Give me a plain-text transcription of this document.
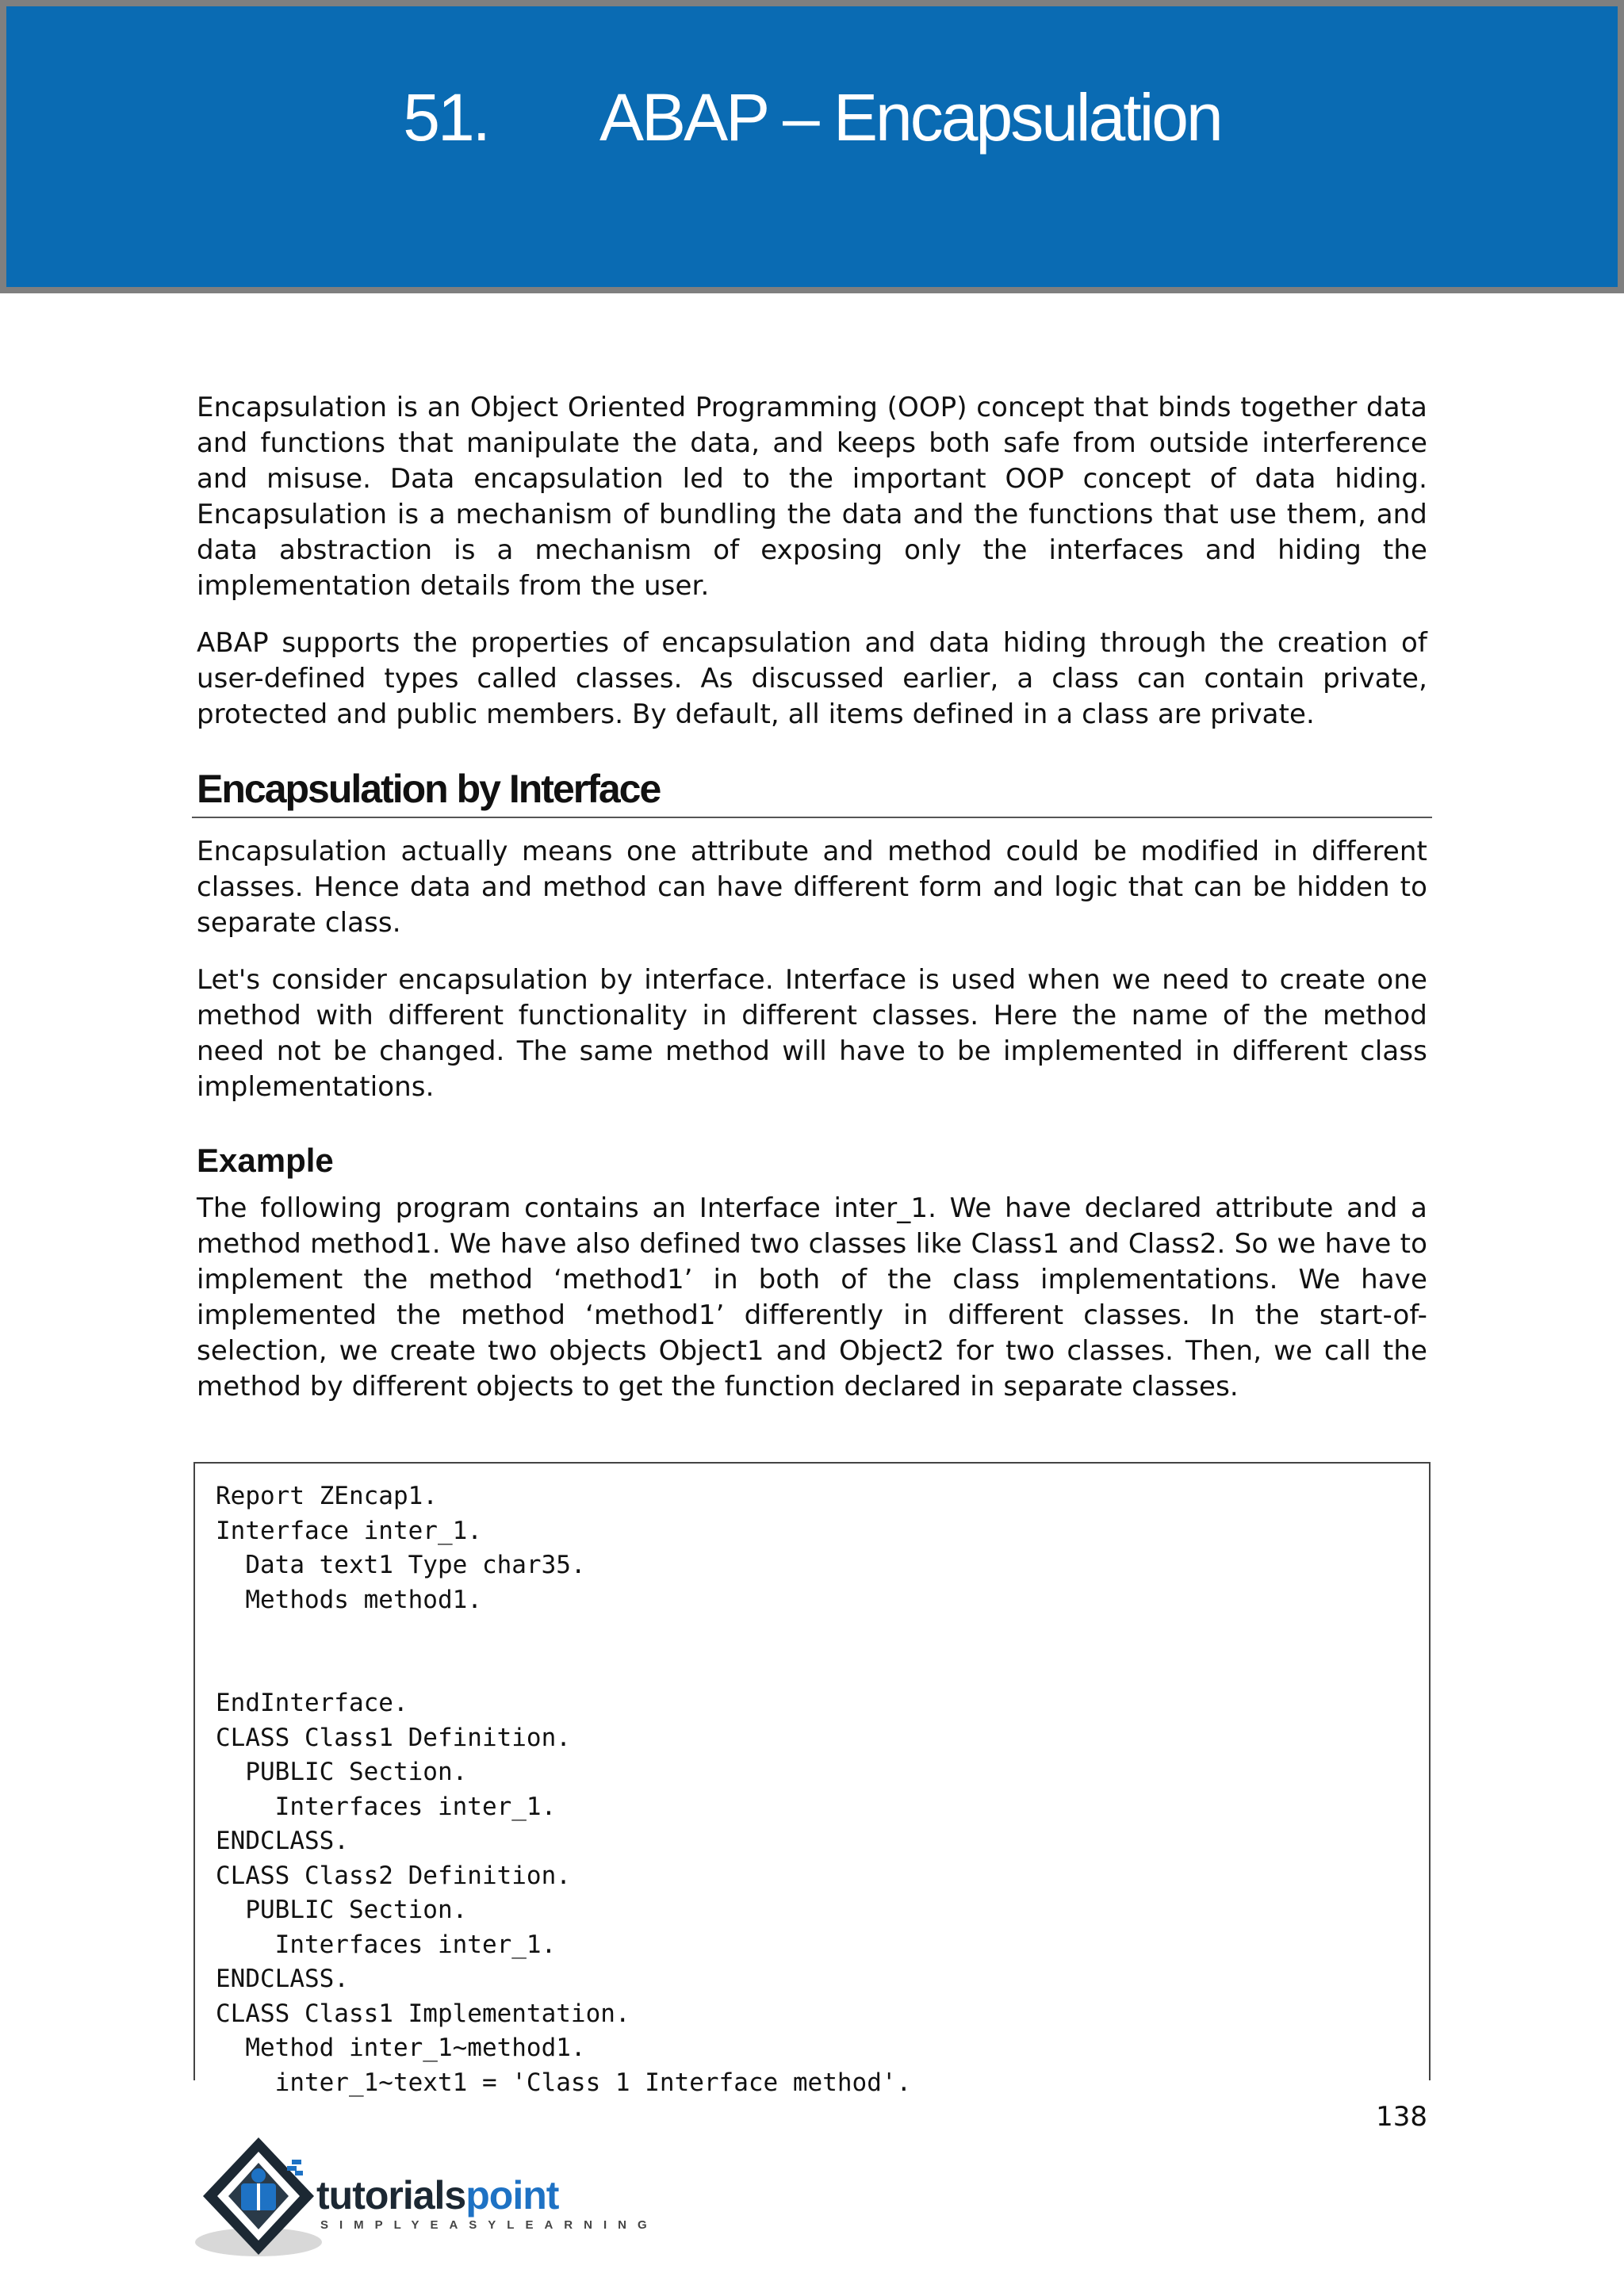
51. ABAP – Encapsulation

Encapsulation is an Object Oriented Programming (OOP) concept that binds together data and functions that manipulate the data, and keeps both safe from outside interference and misuse. Data encapsulation led to the important OOP concept of data hiding. Encapsulation is a mechanism of bundling the data and the functions that use them, and data abstraction is a mechanism of exposing only the interfaces and hiding the implementation details from the user.

ABAP supports the properties of encapsulation and data hiding through the creation of user-defined types called classes. As discussed earlier, a class can contain private, protected and public members. By default, all items defined in a class are private.

Encapsulation by Interface

Encapsulation actually means one attribute and method could be modified in different classes. Hence data and method can have different form and logic that can be hidden to separate class.

Let's consider encapsulation by interface. Interface is used when we need to create one method with different functionality in different classes. Here the name of the method need not be changed. The same method will have to be implemented in different class implementations.

Example

The following program contains an Interface inter_1. We have declared attribute and a method method1. We have also defined two classes like Class1 and Class2. So we have to implement the method ‘method1’ in both of the class implementations. We have implemented the method ‘method1’ differently in different classes. In the start-of-selection, we create two objects Object1 and Object2 for two classes. Then, we call the method by different objects to get the function declared in separate classes.

Report ZEncap1.
Interface inter_1.
Data text1 Type char35.
Methods method1.
EndInterface.
CLASS Class1 Definition.
PUBLIC Section.
Interfaces inter_1.
ENDCLASS.
CLASS Class2 Definition.
PUBLIC Section.
Interfaces inter_1.
ENDCLASS.
CLASS Class1 Implementation.
Method inter_1~method1.
inter_1~text1 = 'Class 1 Interface method'.
138
tutorialspoint
SIMPLYEASYLEARNING
